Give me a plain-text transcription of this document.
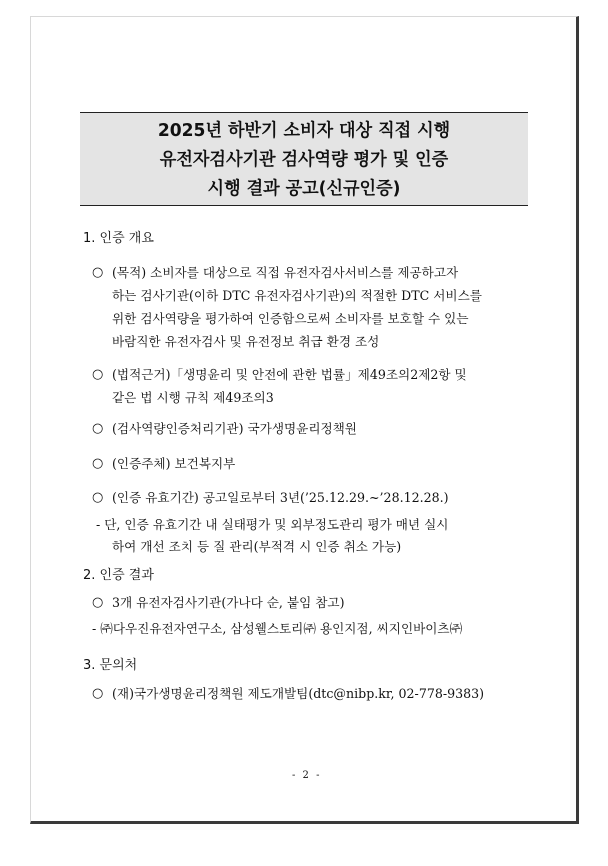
2025년 하반기 소비자 대상 직접 시행
유전자검사기관 검사역량 평가 및 인증
시행 결과 공고(신규인증)
1. 인증 개요
○ (목적) 소비자를 대상으로 직접 유전자검사서비스를 제공하고자
하는 검사기관(이하 DTC 유전자검사기관)의 적절한 DTC 서비스를
위한 검사역량을 평가하여 인증함으로써 소비자를 보호할 수 있는
바람직한 유전자검사 및 유전정보 취급 환경 조성
○ (법적근거)「생명윤리 및 안전에 관한 법률」제49조의2제2항 및
같은 법 시행 규칙 제49조의3
○ (검사역량인증처리기관) 국가생명윤리정책원
○ (인증주체) 보건복지부
○ (인증 유효기간) 공고일로부터 3년(’25.12.29.~’28.12.28.)
- 단, 인증 유효기간 내 실태평가 및 외부정도관리 평가 매년 실시
하여 개선 조치 등 질 관리(부적격 시 인증 취소 가능)
2. 인증 결과
○ 3개 유전자검사기관(가나다 순, 붙임 참고)
- ㈜다우진유전자연구소, 삼성웰스토리㈜ 용인지점, 씨지인바이츠㈜
3. 문의처
○ (재)국가생명윤리정책원 제도개발팀(dtc@nibp.kr, 02-778-9383)
- 2 -
